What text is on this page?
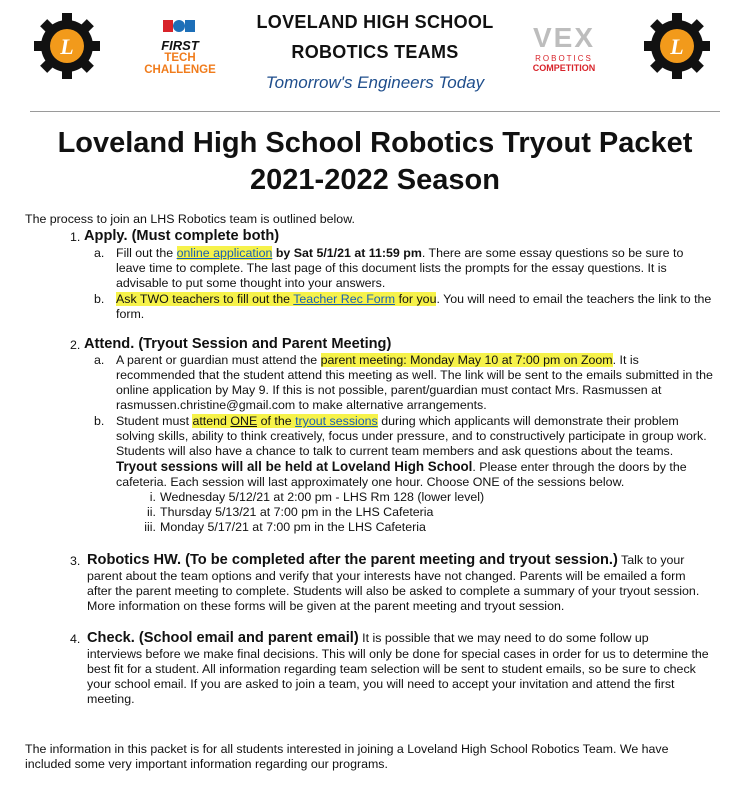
L	FIRST
TECH
CHALLENGE
LOVELAND HIGH SCHOOL
ROBOTICS TEAMS
Tomorrow's Engineers Today
VEX
ROBOTICS
COMPETITION
L
Loveland High School Robotics Tryout Packet
2021-2022 Season
The process to join an LHS Robotics team is outlined below.
1. Apply. (Must complete both)
a. Fill out the online application by Sat 5/1/21 at 11:59 pm. There are some essay questions so be sure to
leave time to complete. The last page of this document lists the prompts for the essay questions. It is
advisable to put some thought into your answers.
b. Ask TWO teachers to fill out the Teacher Rec Form for you. You will need to email the teachers the link to the
form.
2. Attend. (Tryout Session and Parent Meeting)
a. A parent or guardian must attend the parent meeting: Monday May 10 at 7:00 pm on Zoom. It is
recommended that the student attend this meeting as well. The link will be sent to the emails submitted in the
online application by May 9. If this is not possible, parent/guardian must contact Mrs. Rasmussen at
rasmussen.christine@gmail.com to make alternative arrangements.
b. Student must attend ONE of the tryout sessions during which applicants will demonstrate their problem
solving skills, ability to think creatively, focus under pressure, and to constructively participate in group work.
Students will also have a chance to talk to current team members and ask questions about the teams.
Tryout sessions will all be held at Loveland High School. Please enter through the doors by the
cafeteria. Each session will last approximately one hour. Choose ONE of the sessions below.
i. Wednesday 5/12/21 at 2:00 pm - LHS Rm 128 (lower level)
ii. Thursday 5/13/21 at 7:00 pm in the LHS Cafeteria
iii. Monday 5/17/21 at 7:00 pm in the LHS Cafeteria
3. Robotics HW. (To be completed after the parent meeting and tryout session.) Talk to your
parent about the team options and verify that your interests have not changed. Parents will be emailed a form
after the parent meeting to complete. Students will also be asked to complete a summary of your tryout session.
More information on these forms will be given at the parent meeting and tryout session.
4. Check. (School email and parent email) It is possible that we may need to do some follow up
interviews before we make final decisions. This will only be done for special cases in order for us to determine the
best fit for a student. All information regarding team selection will be sent to student emails, so be sure to check
your school email. If you are asked to join a team, you will need to accept your invitation and attend the first
meeting.
The information in this packet is for all students interested in joining a Loveland High School Robotics Team. We have
included some very important information regarding our programs.
